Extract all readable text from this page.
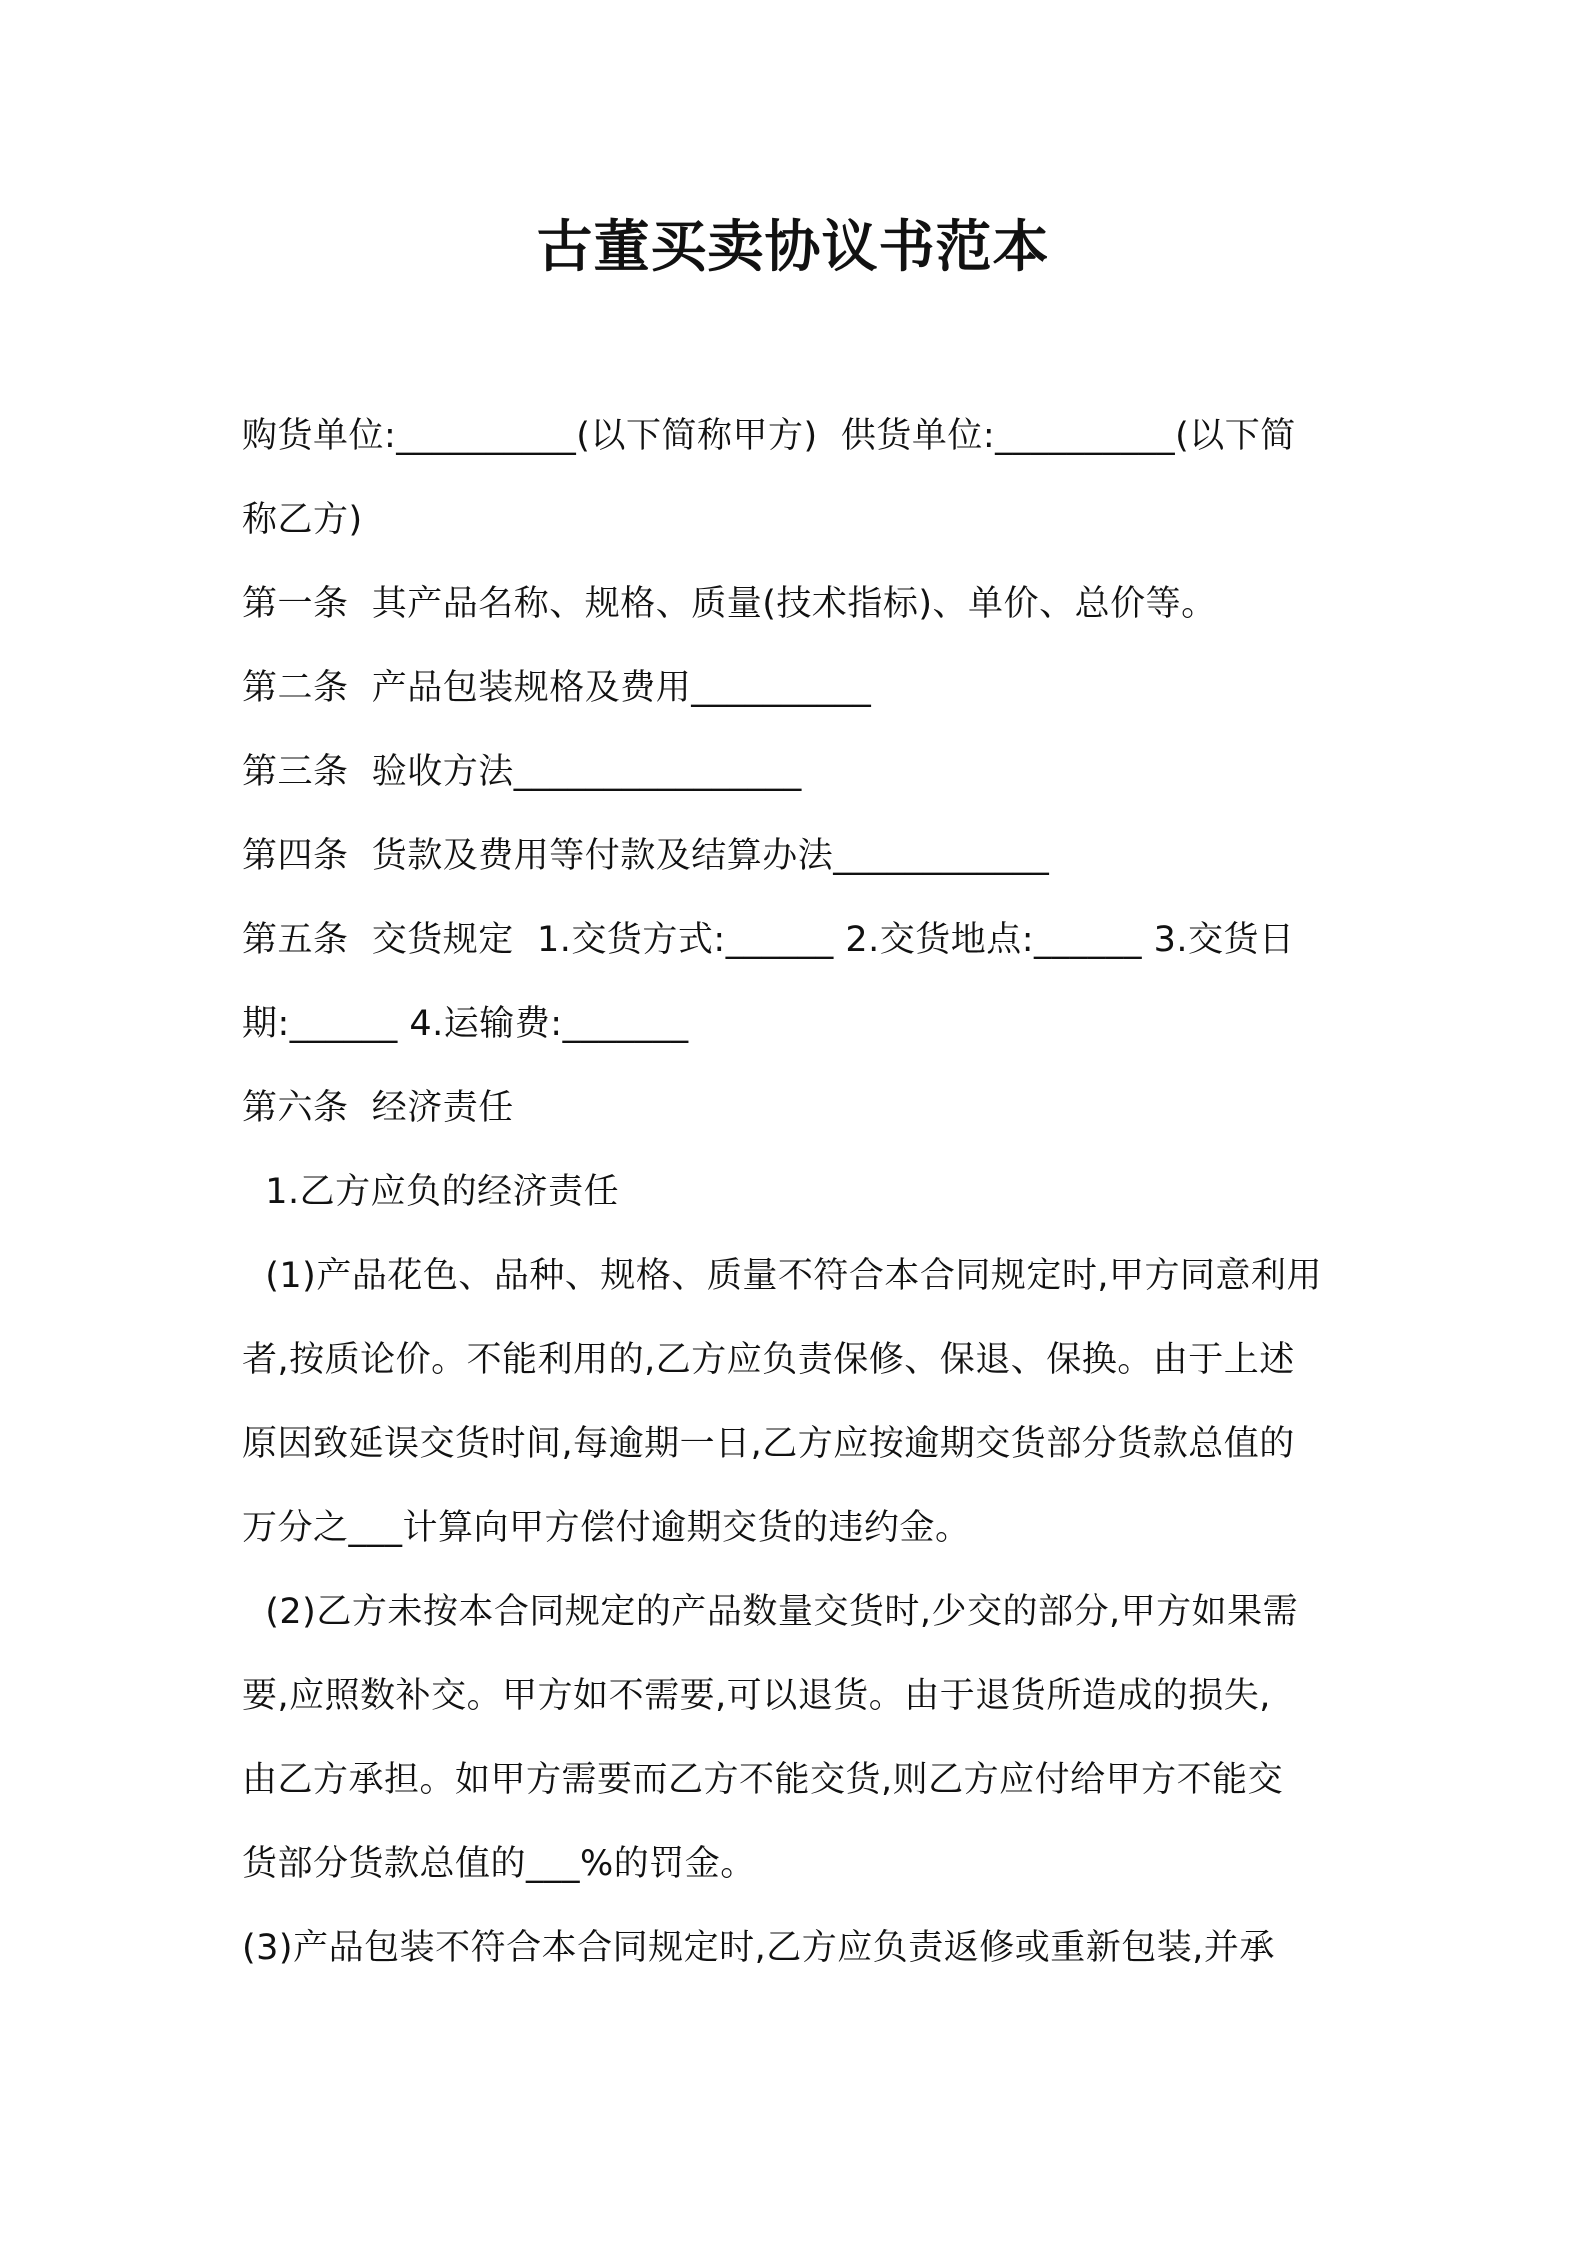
古董买卖协议书范本
购货单位:__________(以下简称甲方)  供货单位:__________(以下简
称乙方)
第一条  其产品名称、规格、质量(技术指标)、单价、总价等。
第二条  产品包装规格及费用__________
第三条  验收方法________________
第四条  货款及费用等付款及结算办法____________
第五条  交货规定  1.交货方式:______ 2.交货地点:______ 3.交货日
期:______ 4.运输费:_______
第六条  经济责任
1.乙方应负的经济责任
(1)产品花色、品种、规格、质量不符合本合同规定时,甲方同意利用
者,按质论价。不能利用的,乙方应负责保修、保退、保换。由于上述
原因致延误交货时间,每逾期一日,乙方应按逾期交货部分货款总值的
万分之___计算向甲方偿付逾期交货的违约金。
(2)乙方未按本合同规定的产品数量交货时,少交的部分,甲方如果需
要,应照数补交。甲方如不需要,可以退货。由于退货所造成的损失,
由乙方承担。如甲方需要而乙方不能交货,则乙方应付给甲方不能交
货部分货款总值的___%的罚金。
(3)产品包装不符合本合同规定时,乙方应负责返修或重新包装,并承
